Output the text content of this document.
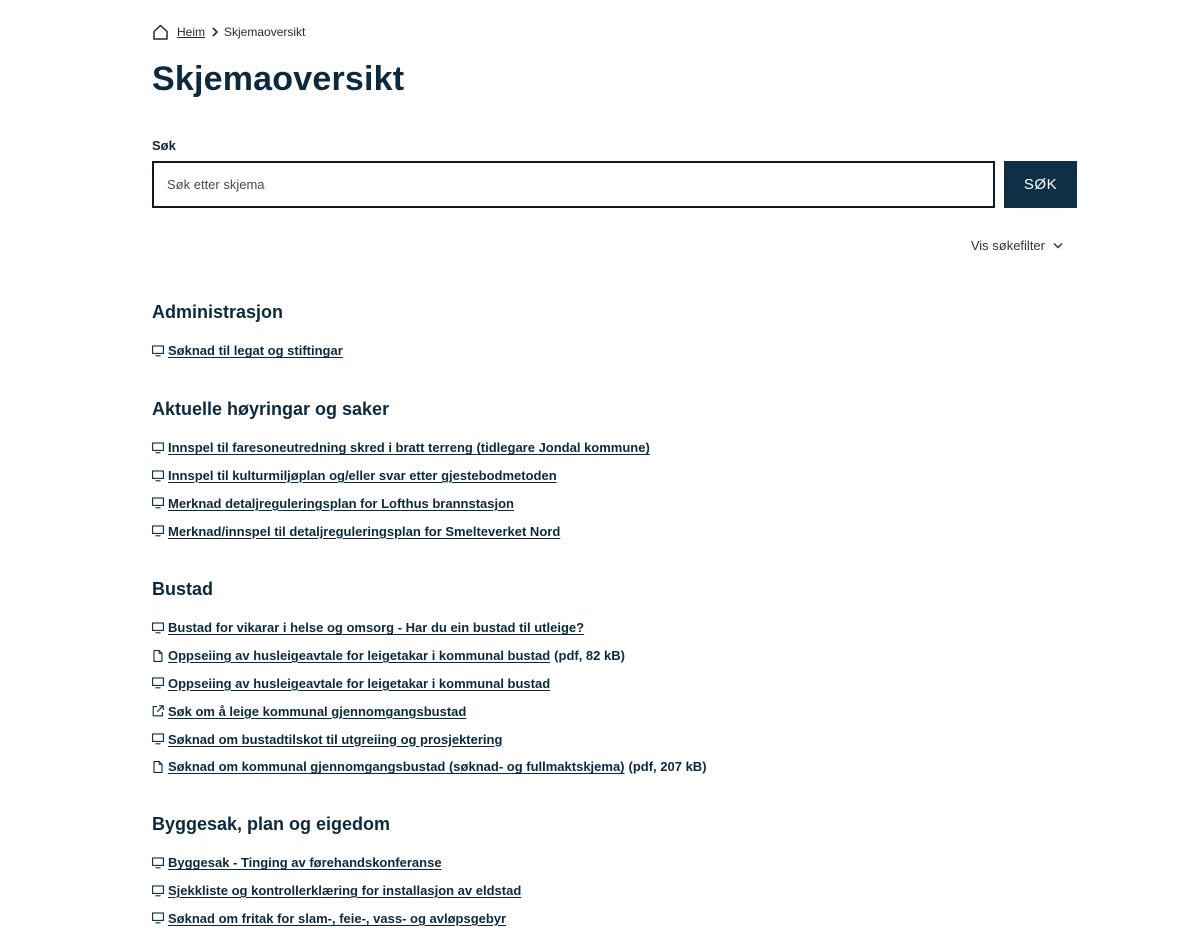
Heim Skjemaoversikt
Skjemaoversikt
Søk
Søk etter skjema
SØK
Vis søkefilter
Administrasjon
Søknad til legat og stiftingar
Aktuelle høyringar og saker
Innspel til faresoneutredning skred i bratt terreng (tidlegare Jondal kommune)
Innspel til kulturmiljøplan og/eller svar etter gjestebodmetoden
Merknad detaljreguleringsplan for Lofthus brannstasjon
Merknad/innspel til detaljreguleringsplan for Smelteverket Nord
Bustad
Bustad for vikarar i helse og omsorg - Har du ein bustad til utleige?
Oppseiing av husleigeavtale for leigetakar i kommunal bustad (pdf, 82 kB)
Oppseiing av husleigeavtale for leigetakar i kommunal bustad
Søk om å leige kommunal gjennomgangsbustad
Søknad om bustadtilskot til utgreiing og prosjektering
Søknad om kommunal gjennomgangsbustad (søknad- og fullmaktskjema) (pdf, 207 kB)
Byggesak, plan og eigedom
Byggesak - Tinging av førehandskonferanse
Sjekkliste og kontrollerklæring for installasjon av eldstad
Søknad om fritak for slam-, feie-, vass- og avløpsgebyr
